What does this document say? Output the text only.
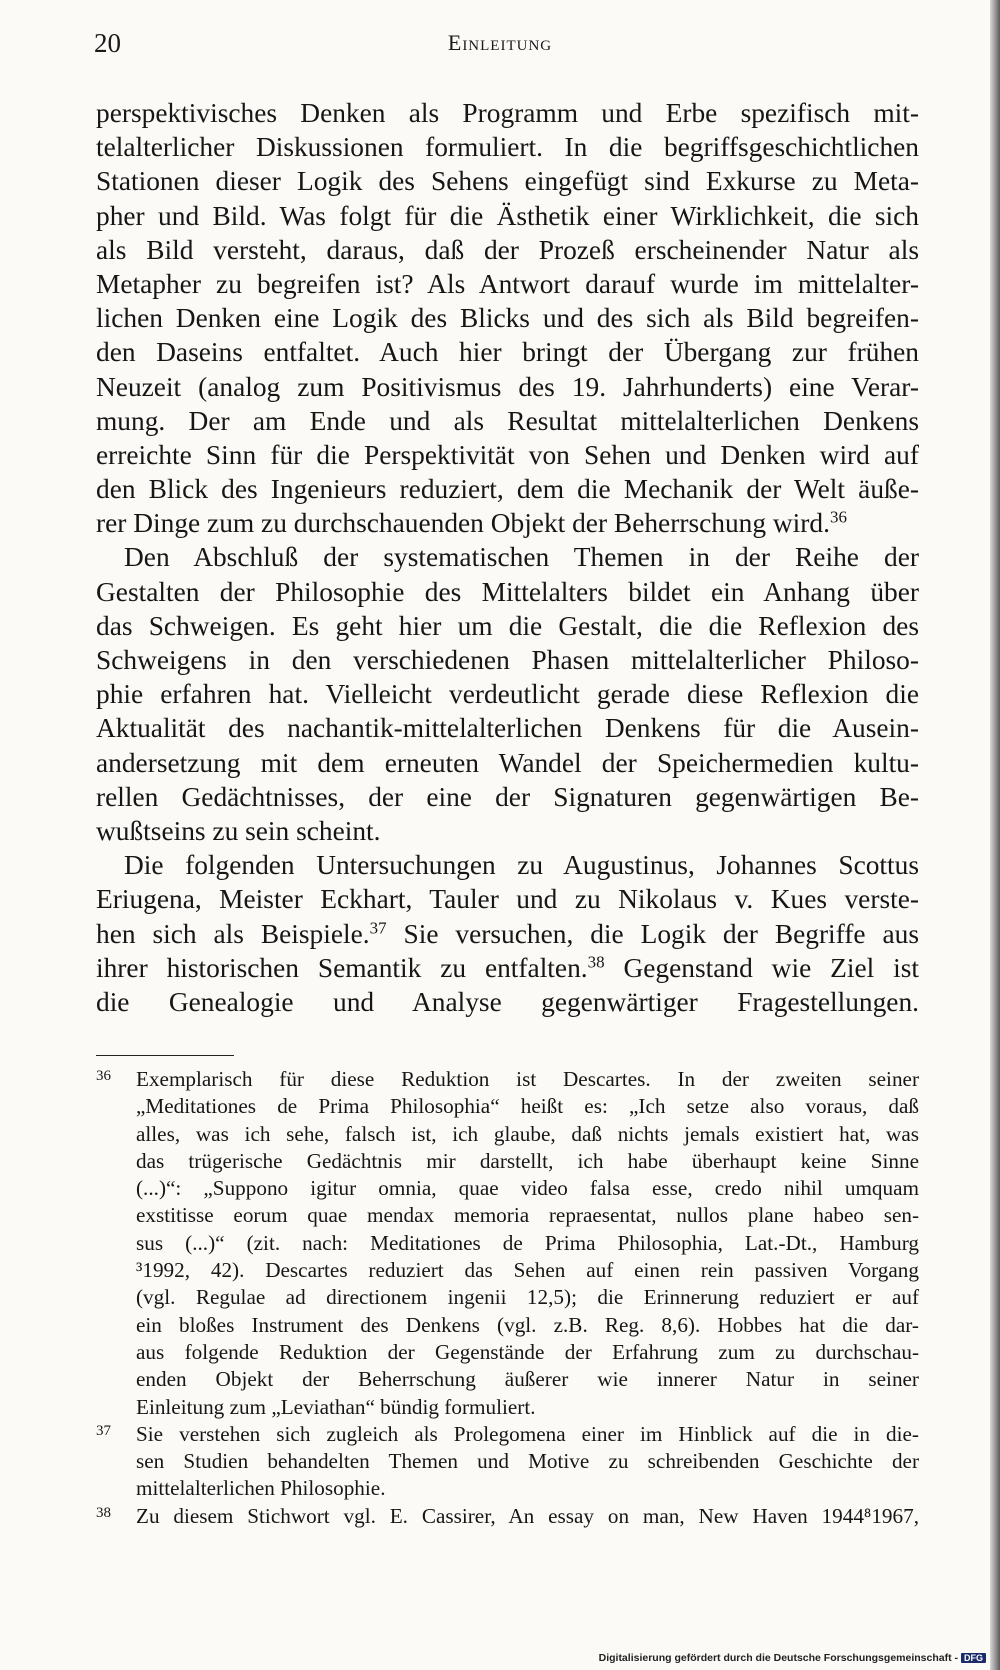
20	Einleitung

perspektivisches Denken als Programm und Erbe spezifisch mit-
telalterlicher Diskussionen formuliert. In die begriffsgeschichtlichen
Stationen dieser Logik des Sehens eingefügt sind Exkurse zu Meta-
pher und Bild. Was folgt für die Ästhetik einer Wirklichkeit, die sich
als Bild versteht, daraus, daß der Prozeß erscheinender Natur als
Metapher zu begreifen ist? Als Antwort darauf wurde im mittelalter-
lichen Denken eine Logik des Blicks und des sich als Bild begreifen-
den Daseins entfaltet. Auch hier bringt der Übergang zur frühen
Neuzeit (analog zum Positivismus des 19. Jahrhunderts) eine Verar-
mung. Der am Ende und als Resultat mittelalterlichen Denkens
erreichte Sinn für die Perspektivität von Sehen und Denken wird auf
den Blick des Ingenieurs reduziert, dem die Mechanik der Welt äuße-
rer Dinge zum zu durchschauenden Objekt der Beherrschung wird.$^{36}$

Den Abschluß der systematischen Themen in der Reihe der
Gestalten der Philosophie des Mittelalters bildet ein Anhang über
das Schweigen. Es geht hier um die Gestalt, die die Reflexion des
Schweigens in den verschiedenen Phasen mittelalterlicher Philoso-
phie erfahren hat. Vielleicht verdeutlicht gerade diese Reflexion die
Aktualität des nachantik-mittelalterlichen Denkens für die Ausein-
andersetzung mit dem erneuten Wandel der Speichermedien kultu-
rellen Gedächtnisses, der eine der Signaturen gegenwärtigen Be-
wußtseins zu sein scheint.

Die folgenden Untersuchungen zu Augustinus, Johannes Scottus
Eriugena, Meister Eckhart, Tauler und zu Nikolaus v. Kues verste-
hen sich als Beispiele.$^{37}$ Sie versuchen, die Logik der Begriffe aus
ihrer historischen Semantik zu entfalten.$^{38}$ Gegenstand wie Ziel ist
die Genealogie und Analyse gegenwärtiger Fragestellungen.

36 Exemplarisch für diese Reduktion ist Descartes. In der zweiten seiner
„Meditationes de Prima Philosophia“ heißt es: „Ich setze also voraus, daß
alles, was ich sehe, falsch ist, ich glaube, daß nichts jemals existiert hat, was
das trügerische Gedächtnis mir darstellt, ich habe überhaupt keine Sinne
(...)“: „Suppono igitur omnia, quae video falsa esse, credo nihil umquam
exstitisse eorum quae mendax memoria repraesentat, nullos plane habeo sen-
sus (...)“ (zit. nach: Meditationes de Prima Philosophia, Lat.-Dt., Hamburg
³1992, 42). Descartes reduziert das Sehen auf einen rein passiven Vorgang
(vgl. Regulae ad directionem ingenii 12,5); die Erinnerung reduziert er auf
ein bloßes Instrument des Denkens (vgl. z.B. Reg. 8,6). Hobbes hat die dar-
aus folgende Reduktion der Gegenstände der Erfahrung zum zu durchschau-
enden Objekt der Beherrschung äußerer wie innerer Natur in seiner
Einleitung zum „Leviathan“ bündig formuliert.
37 Sie verstehen sich zugleich als Prolegomena einer im Hinblick auf die in die-
sen Studien behandelten Themen und Motive zu schreibenden Geschichte der
mittelalterlichen Philosophie.
38 Zu diesem Stichwort vgl. E. Cassirer, An essay on man, New Haven 1944⁸1967,
Digitalisierung gefördert durch die Deutsche Forschungsgemeinschaft - DFG
